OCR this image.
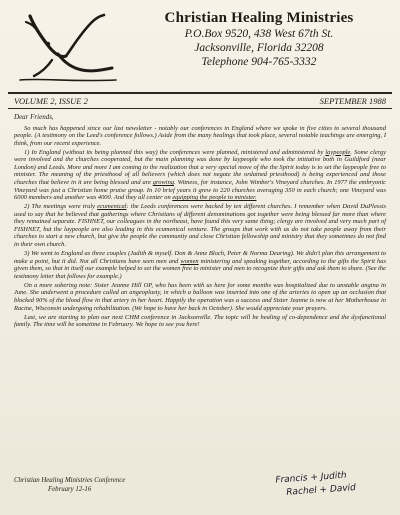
Christian Healing Ministries

P.O.Box 9520, 438 West 67th St.

Jacksonville, Florida 32208

Telephone 904-765-3332

VOLUME 2, ISSUE 2	SEPTEMBER 1988

Dear Friends,

So much has happened since our last newsletter - notably our conferences in England where we spoke in five cities to several thousand people. (A testimony on the Leed's conference follows.) Aside from the many healings that took place, several notable teachings are emerging, I think, from our recent experience.

1) In England (without its being planned this way) the conferences were planned, ministered and administered by laypeople. Some clergy were involved and the churches cooperated, but the main planning was done by laypeople who took the initiative both in Guildford (near London) and Leeds. More and more I am coming to the realization that a very special move of the the Spirit today is to set the laypeople free to minister. The meaning of the priesthood of all believers (which does not negate the ordained priesthood) is being experienced and those churches that believe in it are being blessed and are growing. Witness, for instance, John Wimber's Vineyard churches. In 1977 the embryonic Vineyard was just a Christian home praise group. In 10 brief years it grew to 220 churches averaging 350 in each church; one Vineyard was 6000 members and another was 4000. And they all center on equipping the people to minister.

2) The meetings were truly ecumenical: the Leeds conferences were backed by ten different churches. I remember when David DuPlessis used to say that he believed that gatherings where Christians of different denominations got together were being blessed far more than where they remained separate. FISHNET, our colleagues in the northeast, have found this very same thing; clergy are involved and very much part of FISHNET, but the laypeople are also leading in this ecumenical venture. The groups that work with us do not take people away from their churches to start a new church, but give the people the community and close Christian fellowship and ministry that they sometimes do not find in their own church.

3) We went to England as three couples (Judith & myself. Don & Anne Bloch, Peter & Norma Dearing). We didn't plan this arrangement to make a point, but it did. Not all Christians have seen men and women ministering and speaking together, according to the gifts the Spirit has given them, so that in itself our example helped to set the women free to minister and men to recognize their gifts and ask them to share. (See the testimony letter that follows for example.)

On a more sobering note: Sister Jeanne Hill OP, who has been with us here for some months was hospitalized due to unstable angina in June. She underwent a procedure called an angeoplasty, in which a balloon was inserted into one of the arteries to open up an occlusion that blocked 90% of the blood flow in that artery in her heart. Happily the operation was a success and Sister Jeanne is now at her Motherhouse in Racine, Wisconsin undergoing rehabilitation. (We hope to have her back in October). She would appreciate your prayers.

Last, we are starting to plan our next CHM conference in Jacksonville. The topic will be healing of co-dependence and the dysfunctional family. The time will be sometime in February. We hope to see you here!

Christian Healing Ministries Conference
February 12-16
Francis + Judith
Rachel + David
